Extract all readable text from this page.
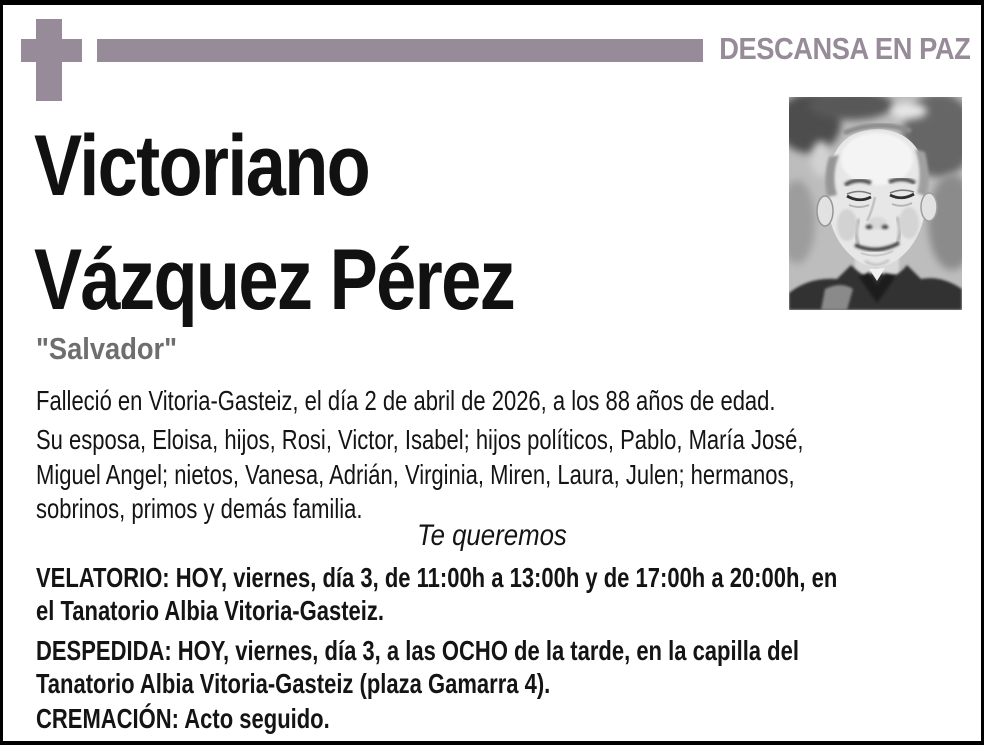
DESCANSA EN PAZ
Victoriano
Vázquez Pérez
"Salvador"
Falleció en Vitoria-Gasteiz, el día 2 de abril de 2026, a los 88 años de edad.
Su esposa, Eloisa, hijos, Rosi, Victor, Isabel; hijos políticos, Pablo, María José,
Miguel Angel; nietos, Vanesa, Adrián, Virginia, Miren, Laura, Julen; hermanos,
sobrinos, primos y demás familia.
Te queremos
VELATORIO: HOY, viernes, día 3, de 11:00h a 13:00h y de 17:00h a 20:00h, en
el Tanatorio Albia Vitoria-Gasteiz.
DESPEDIDA: HOY, viernes, día 3, a las OCHO de la tarde, en la capilla del
Tanatorio Albia Vitoria-Gasteiz (plaza Gamarra 4).
CREMACIÓN: Acto seguido.
